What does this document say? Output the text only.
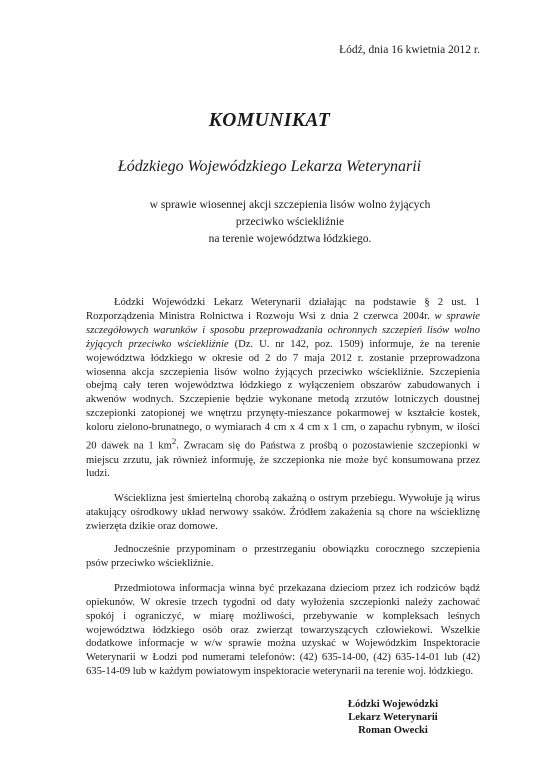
Łódź, dnia 16 kwietnia 2012 r.
KOMUNIKAT
Łódzkiego Wojewódzkiego Lekarza Weterynarii
w sprawie wiosennej akcji szczepienia lisów wolno żyjących
przeciwko wściekliźnie
na terenie województwa łódzkiego.

Łódzki Wojewódzki Lekarz Weterynarii działając na podstawie § 2 ust. 1 Rozporządzenia Ministra Rolnictwa i Rozwoju Wsi z dnia 2 czerwca 2004r. w sprawie szczegółowych warunków i sposobu przeprowadzania ochronnych szczepień lisów wolno żyjących przeciwko wściekliźnie (Dz. U. nr 142, poz. 1509) informuje, że na terenie województwa łódzkiego w okresie od 2 do 7 maja 2012 r. zostanie przeprowadzona wiosenna akcja szczepienia lisów wolno żyjących przeciwko wściekliźnie. Szczepienia obejmą cały teren województwa łódzkiego z wyłączeniem obszarów zabudowanych i akwenów wodnych. Szczepienie będzie wykonane metodą zrzutów lotniczych doustnej szczepionki zatopionej we wnętrzu przynęty-mieszance pokarmowej w kształcie kostek, koloru zielono-brunatnego, o wymiarach 4 cm x 4 cm x 1 cm, o zapachu rybnym, w ilości 20 dawek na 1 $km^2$. Zwracam się do Państwa z prośbą o pozostawienie szczepionki w miejscu zrzutu, jak również informuję, że szczepionka nie może być konsumowana przez ludzi.

Wścieklizna jest śmiertelną chorobą zakaźną o ostrym przebiegu. Wywołuje ją wirus atakujący ośrodkowy układ nerwowy ssaków. Źródłem zakażenia są chore na wściekliznę zwierzęta dzikie oraz domowe.

Jednocześnie przypominam o przestrzeganiu obowiązku corocznego szczepienia psów przeciwko wściekliźnie.

Przedmiotowa informacja winna być przekazana dzieciom przez ich rodziców bądź opiekunów. W okresie trzech tygodni od daty wyłożenia szczepionki należy zachować spokój i ograniczyć, w miarę możliwości, przebywanie w kompleksach leśnych województwa łódzkiego osób oraz zwierząt towarzyszących człowiekowi. Wszelkie dodatkowe informacje w w/w sprawie można uzyskać w Wojewódzkim Inspektoracie Weterynarii w Łodzi pod numerami telefonów: (42) 635-14-00, (42) 635-14-01 lub (42) 635-14-09 lub w każdym powiatowym inspektoracie weterynarii na terenie woj. łódzkiego.

Łódzki Wojewódzki
Lekarz Weterynarii
Roman Owecki
